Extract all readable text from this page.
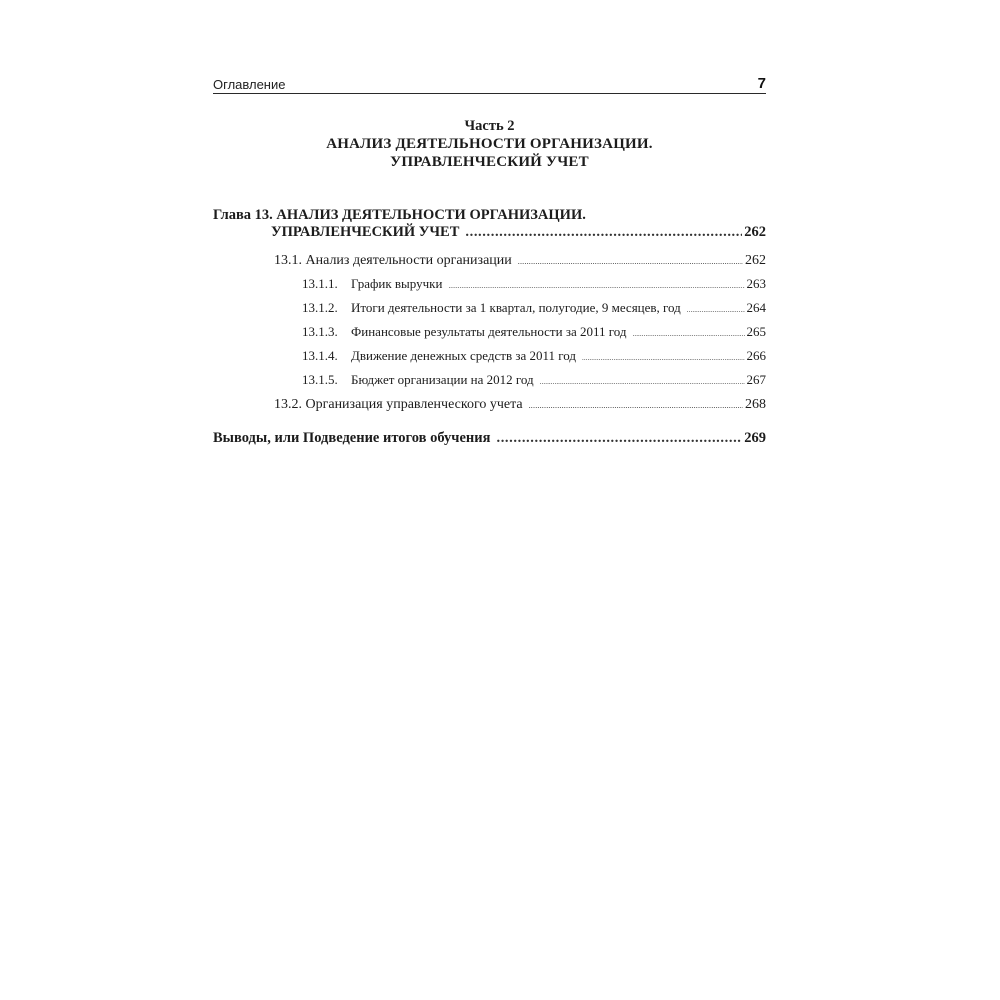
Оглавление	7
Часть 2
АНАЛИЗ ДЕЯТЕЛЬНОСТИ ОРГАНИЗАЦИИ.
УПРАВЛЕНЧЕСКИЙ УЧЕТ
Глава 13. АНАЛИЗ ДЕЯТЕЛЬНОСТИ ОРГАНИЗАЦИИ.
УПРАВЛЕНЧЕСКИЙ УЧЕТ .....	262
13.1. Анализ деятельности организации .....	262
13.1.1. График выручки .....	263
13.1.2. Итоги деятельности за 1 квартал, полугодие, 9 месяцев, год .....	264
13.1.3. Финансовые результаты деятельности за 2011 год .....	265
13.1.4. Движение денежных средств за 2011 год .....	266
13.1.5. Бюджет организации на 2012 год .....	267
13.2. Организация управленческого учета .....	268
Выводы, или Подведение итогов обучения .....	269
